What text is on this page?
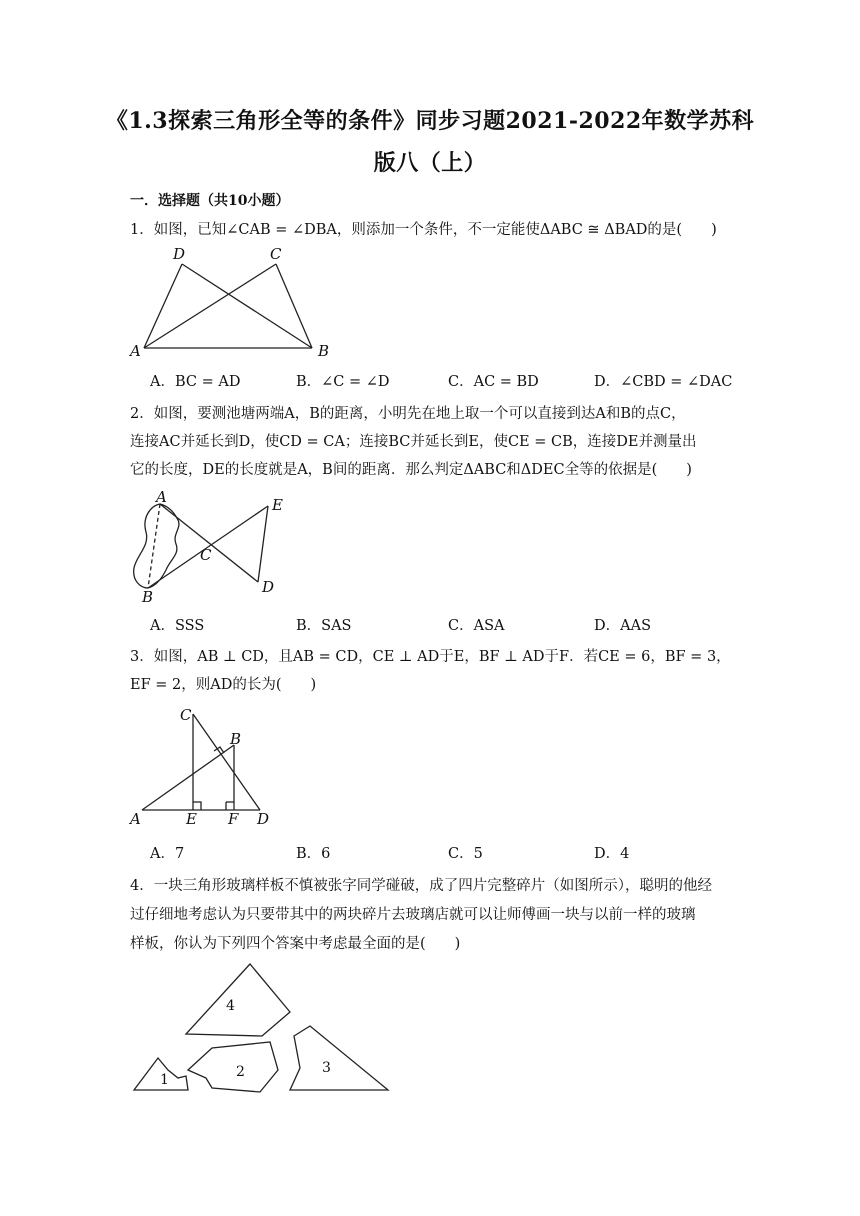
《1.3探索三角形全等的条件》同步习题2021-2022年数学苏科
版八（上）
一．选择题（共10小题）
1．如图，已知∠CAB = ∠DBA，则添加一个条件，不一定能使ΔABC ≅ ΔBAD的是(　　)
D	C
A	B
A．BC = AD	B．∠C = ∠D	C．AC = BD	D．∠CBD = ∠DAC
2．如图，要测池塘两端A，B的距离，小明先在地上取一个可以直接到达A和B的点C，
连接AC并延长到D，使CD = CA；连接BC并延长到E，使CE = CB，连接DE并测量出
它的长度，DE的长度就是A，B间的距离．那么判定ΔABC和ΔDEC全等的依据是(　　)
A
B
C
D
E
A．SSS	B．SAS	C．ASA	D．AAS
3．如图，AB ⊥ CD，且AB = CD，CE ⊥ AD于E，BF ⊥ AD于F．若CE = 6，BF = 3，
EF = 2，则AD的长为(　　)
C
B
A	E F D
A．7	B．6	C．5	D．4
4．一块三角形玻璃样板不慎被张字同学碰破，成了四片完整碎片（如图所示），聪明的他经
过仔细地考虑认为只要带其中的两块碎片去玻璃店就可以让师傅画一块与以前一样的玻璃
样板，你认为下列四个答案中考虑最全面的是(　　)
4
1	2	3
